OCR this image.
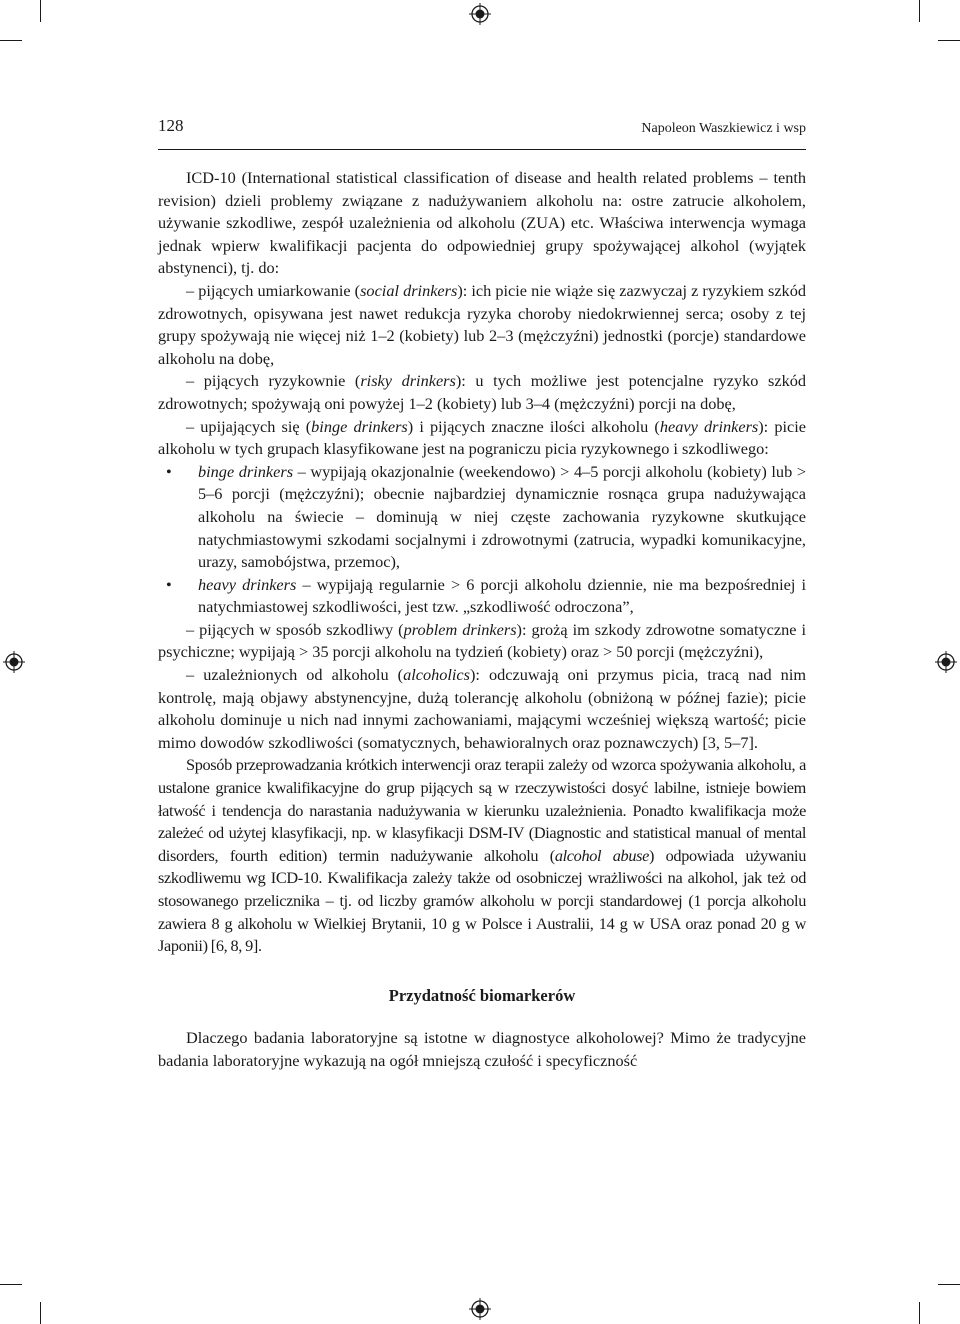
128	Napoleon Waszkiewicz i wsp

ICD-10 (International statistical classification of disease and health related problems – tenth revision) dzieli problemy związane z nadużywaniem alkoholu na: ostre zatrucie alkoholem, używanie szkodliwe, zespół uzależnienia od alkoholu (ZUA) etc. Właściwa interwencja wymaga jednak wpierw kwalifikacji pacjenta do odpowiedniej grupy spożywającej alkohol (wyjątek abstynenci), tj. do:

– pijących umiarkowanie (social drinkers): ich picie nie wiąże się zazwyczaj z ryzykiem szkód zdrowotnych, opisywana jest nawet redukcja ryzyka choroby niedokrwiennej serca; osoby z tej grupy spożywają nie więcej niż 1–2 (kobiety) lub 2–3 (mężczyźni) jednostki (porcje) standardowe alkoholu na dobę,

– pijących ryzykownie (risky drinkers): u tych możliwe jest potencjalne ryzyko szkód zdrowotnych; spożywają oni powyżej 1–2 (kobiety) lub 3–4 (mężczyźni) porcji na dobę,

– upijających się (binge drinkers) i pijących znaczne ilości alkoholu (heavy drinkers): picie alkoholu w tych grupach klasyfikowane jest na pograniczu picia ryzykownego i szkodliwego:

• binge drinkers – wypijają okazjonalnie (weekendowo) > 4–5 porcji alkoholu (kobiety) lub > 5–6 porcji (mężczyźni); obecnie najbardziej dynamicznie rosnąca grupa nadużywająca alkoholu na świecie – dominują w niej częste zachowania ryzykowne skutkujące natychmiastowymi szkodami socjalnymi i zdrowotnymi (zatrucia, wypadki komunikacyjne, urazy, samobójstwa, przemoc),

• heavy drinkers – wypijają regularnie > 6 porcji alkoholu dziennie, nie ma bezpośredniej i natychmiastowej szkodliwości, jest tzw. „szkodliwość odroczona”,

– pijących w sposób szkodliwy (problem drinkers): grożą im szkody zdrowotne somatyczne i psychiczne; wypijają > 35 porcji alkoholu na tydzień (kobiety) oraz > 50 porcji (mężczyźni),

– uzależnionych od alkoholu (alcoholics): odczuwają oni przymus picia, tracą nad nim kontrolę, mają objawy abstynencyjne, dużą tolerancję alkoholu (obniżoną w późnej fazie); picie alkoholu dominuje u nich nad innymi zachowaniami, mającymi wcześniej większą wartość; picie mimo dowodów szkodliwości (somatycznych, behawioralnych oraz poznawczych) [3, 5–7].

Sposób przeprowadzania krótkich interwencji oraz terapii zależy od wzorca spożywania alkoholu, a ustalone granice kwalifikacyjne do grup pijących są w rzeczywistości dosyć labilne, istnieje bowiem łatwość i tendencja do narastania nadużywania w kierunku uzależnienia. Ponadto kwalifikacja może zależeć od użytej klasyfikacji, np. w klasyfikacji DSM-IV (Diagnostic and statistical manual of mental disorders, fourth edition) termin nadużywanie alkoholu (alcohol abuse) odpowiada używaniu szkodliwemu wg ICD-10. Kwalifikacja zależy także od osobniczej wrażliwości na alkohol, jak też od stosowanego przelicznika – tj. od liczby gramów alkoholu w porcji standardowej (1 porcja alkoholu zawiera 8 g alkoholu w Wielkiej Brytanii, 10 g w Polsce i Australii, 14 g w USA oraz ponad 20 g w Japonii) [6, 8, 9].

Przydatność biomarkerów

Dlaczego badania laboratoryjne są istotne w diagnostyce alkoholowej? Mimo że tradycyjne badania laboratoryjne wykazują na ogół mniejszą czułość i specyficzność
